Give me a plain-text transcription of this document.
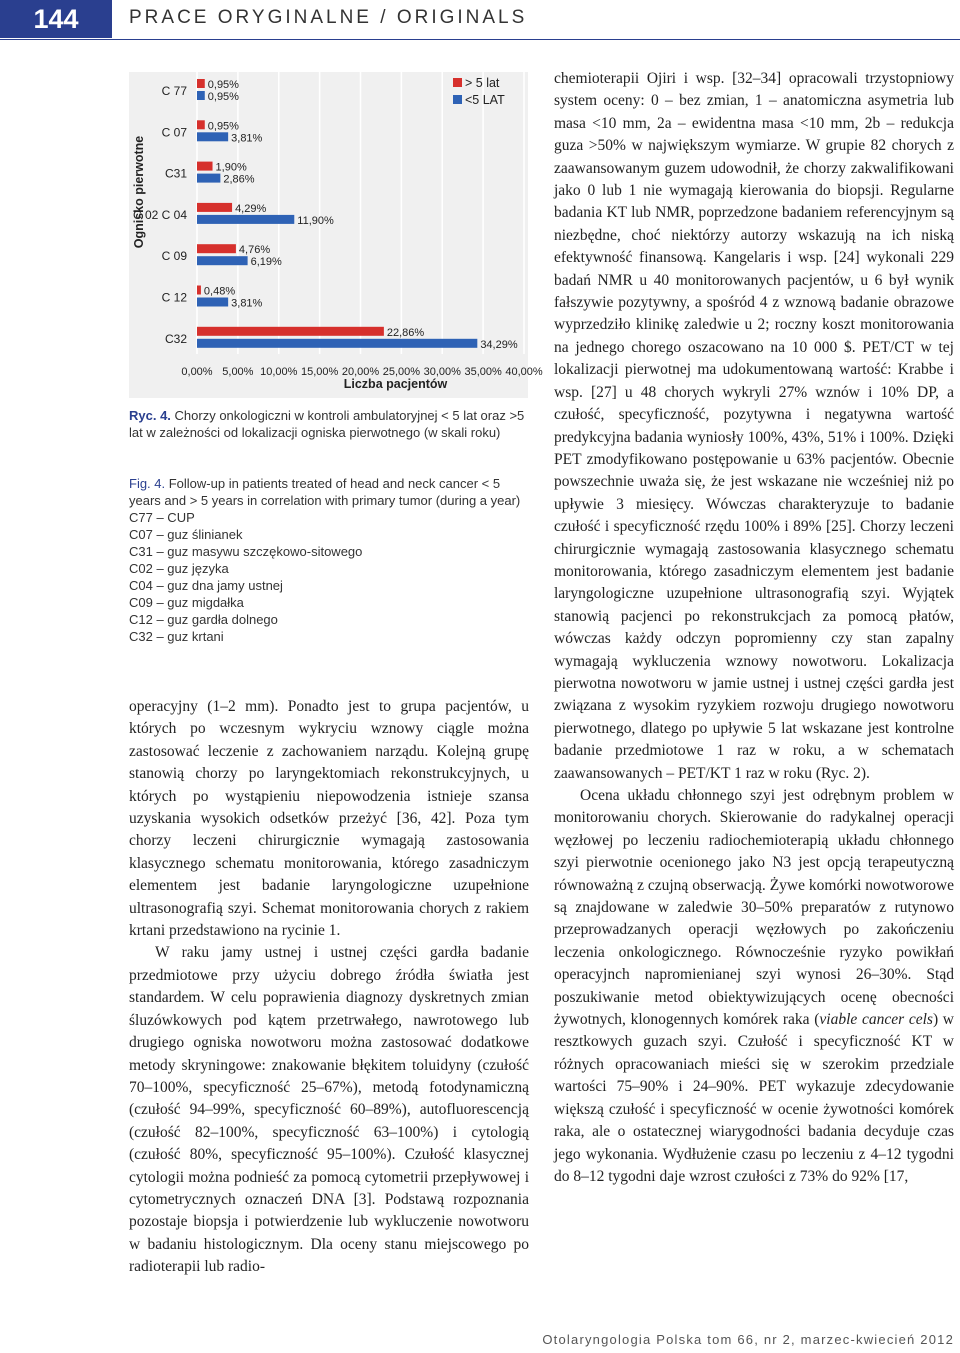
144	PRACE ORYGINALNE / ORIGINALS
0,00% 5,00% 10,00% 15,00% 20,00% 25,00% 30,00% 35,00% 40,00%
Liczba pacjentów
Ognisko pierwotne
C 77 0,95%
0,95%
C 07 0,95%
3,81%
C31	1,90%
2,86%
C 02 C 04	4,29%
11,90%
C 09	4,76%
6,19%
C 12 0,48%
3,81%
C32	22,86%
34,29%
> 5 lat
<5 LAT
Ryc. 4. Chorzy onkologiczni w kontroli ambulatoryjnej < 5 lat oraz >5 lat w zależności od lokalizacji ogniska pierwotnego (w skali roku)
Fig. 4. Follow-up in patients treated of head and neck cancer < 5 years and > 5 years in correlation with primary tumor (during a year)
C77 – CUP
C07 – guz ślinianek
C31 – guz masywu szczękowo-sitowego
C02 – guz języka
C04 – guz dna jamy ustnej
C09 – guz migdałka
C12 – guz gardła dolnego
C32 – guz krtani

operacyjny (1–2 mm). Ponadto jest to grupa pacjentów, u których po wczesnym wykryciu wznowy ciągle można zastosować leczenie z zachowaniem narządu. Kolejną grupę stanowią chorzy po laryngektomiach rekonstrukcyjnych, u których po wystąpieniu niepowodzenia istnieje szansa uzyskania wysokich odsetków przeżyć [36, 42]. Poza tym chorzy leczeni chirurgicznie wymagają zastosowania klasycznego schematu monitorowania, którego zasadniczym elementem jest badanie laryngologiczne uzupełnione ultrasonografią szyi. Schemat monitorowania chorych z rakiem krtani przedstawiono na rycinie 1.

W raku jamy ustnej i ustnej części gardła badanie przedmiotowe przy użyciu dobrego źródła światła jest standardem. W celu poprawienia diagnozy dyskretnych zmian śluzówkowych pod kątem przetrwałego, nawrotowego lub drugiego ogniska nowotworu można zastosować dodatkowe metody skryningowe: znakowanie błękitem toluidyny (czułość 70–100%, specyficzność 25–67%), metodą fotodynamiczną (czułość 94–99%, specyficzność 60–89%), autofluorescencją (czułość 82–100%, specyficzność 63–100%) i cytologią (czułość 80%, specyficzność 95–100%). Czułość klasycznej cytologii można podnieść za pomocą cytometrii przepływowej i cytometrycznych oznaczeń DNA [3]. Podstawą rozpoznania pozostaje biopsja i potwierdzenie lub wykluczenie nowotworu w badaniu histologicznym. Dla oceny stanu miejscowego po radioterapii lub radio-

chemioterapii Ojiri i wsp. [32–34] opracowali trzystopniowy system oceny: 0 – bez zmian, 1 – anatomiczna asymetria lub masa <10 mm, 2a – ewidentna masa <10 mm, 2b – redukcja guza >50% w największym wymiarze. W grupie 82 chorych z zaawansowanym guzem udowodnił, że chorzy zakwalifikowani jako 0 lub 1 nie wymagają kierowania do biopsji. Regularne badania KT lub NMR, poprzedzone badaniem referencyjnym są niezbędne, choć niektórzy autorzy wskazują na ich niską efektywność finansową. Kangelaris i wsp. [24] wykonali 229 badań NMR u 40 monitorowanych pacjentów, u 6 był wynik fałszywie pozytywny, a spośród 4 z wznową badanie obrazowe wyprzedziło klinikę zaledwie u 2; roczny koszt monitorowania na jednego chorego oszacowano na 10 000 $. PET/CT w tej lokalizacji pierwotnej ma udokumentowaną wartość: Krabbe i wsp. [27] u 48 chorych wykryli 27% wznów i 10% DP, a czułość, specyficzność, pozytywna i negatywna wartość predykcyjna badania wyniosły 100%, 43%, 51% i 100%. Dzięki PET zmodyfikowano postępowanie u 63% pacjentów. Obecnie powszechnie uważa się, że jest wskazane nie wcześniej niż po upływie 3 miesięcy. Wówczas charakteryzuje to badanie czułość i specyficzność rzędu 100% i 89% [25]. Chorzy leczeni chirurgicznie wymagają zastosowania klasycznego schematu monitorowania, którego zasadniczym elementem jest badanie laryngologiczne uzupełnione ultrasonografią szyi. Wyjątek stanowią pacjenci po rekonstrukcjach za pomocą płatów, wówczas każdy odczyn popromienny czy stan zapalny wymagają wykluczenia wznowy nowotworu. Lokalizacja pierwotna nowotworu w jamie ustnej i ustnej części gardła jest związana z wysokim ryzykiem rozwoju drugiego nowotworu pierwotnego, dlatego po upływie 5 lat wskazane jest kontrolne badanie przedmiotowe 1 raz w roku, a w schematach zaawansowanych – PET/KT 1 raz w roku (Ryc. 2).

Ocena układu chłonnego szyi jest odrębnym problem w monitorowaniu chorych. Skierowanie do radykalnej operacji węzłowej po leczeniu radiochemioterapią układu chłonnego szyi pierwotnie ocenionego jako N3 jest opcją terapeutyczną równoważną z czujną obserwacją. Żywe komórki nowotworowe są znajdowane w zaledwie 30–50% preparatów z rutynowo przeprowadzanych operacji węzłowych po zakończeniu leczenia onkologicznego. Równocześnie ryzyko powikłań operacyjnch napromienianej szyi wynosi 26–30%. Stąd poszukiwanie metod obiektywizujących ocenę obecności żywotnych, klonogennych komórek raka (viable cancer cels) w resztkowych guzach szyi. Czułość i specyficzność KT w różnych opracowaniach mieści się w szerokim przedziale wartości 75–90% i 24–90%. PET wykazuje zdecydowanie większą czułość i specyficzność w ocenie żywotności komórek raka, ale o ostatecznej wiarygodności badania decyduje czas jego wykonania. Wydłużenie czasu po leczeniu z 4–12 tygodni do 8–12 tygodni daje wzrost czułości z 73% do 92% [17,

Otolaryngologia Polska tom 66, nr 2, marzec-kwiecień 2012
